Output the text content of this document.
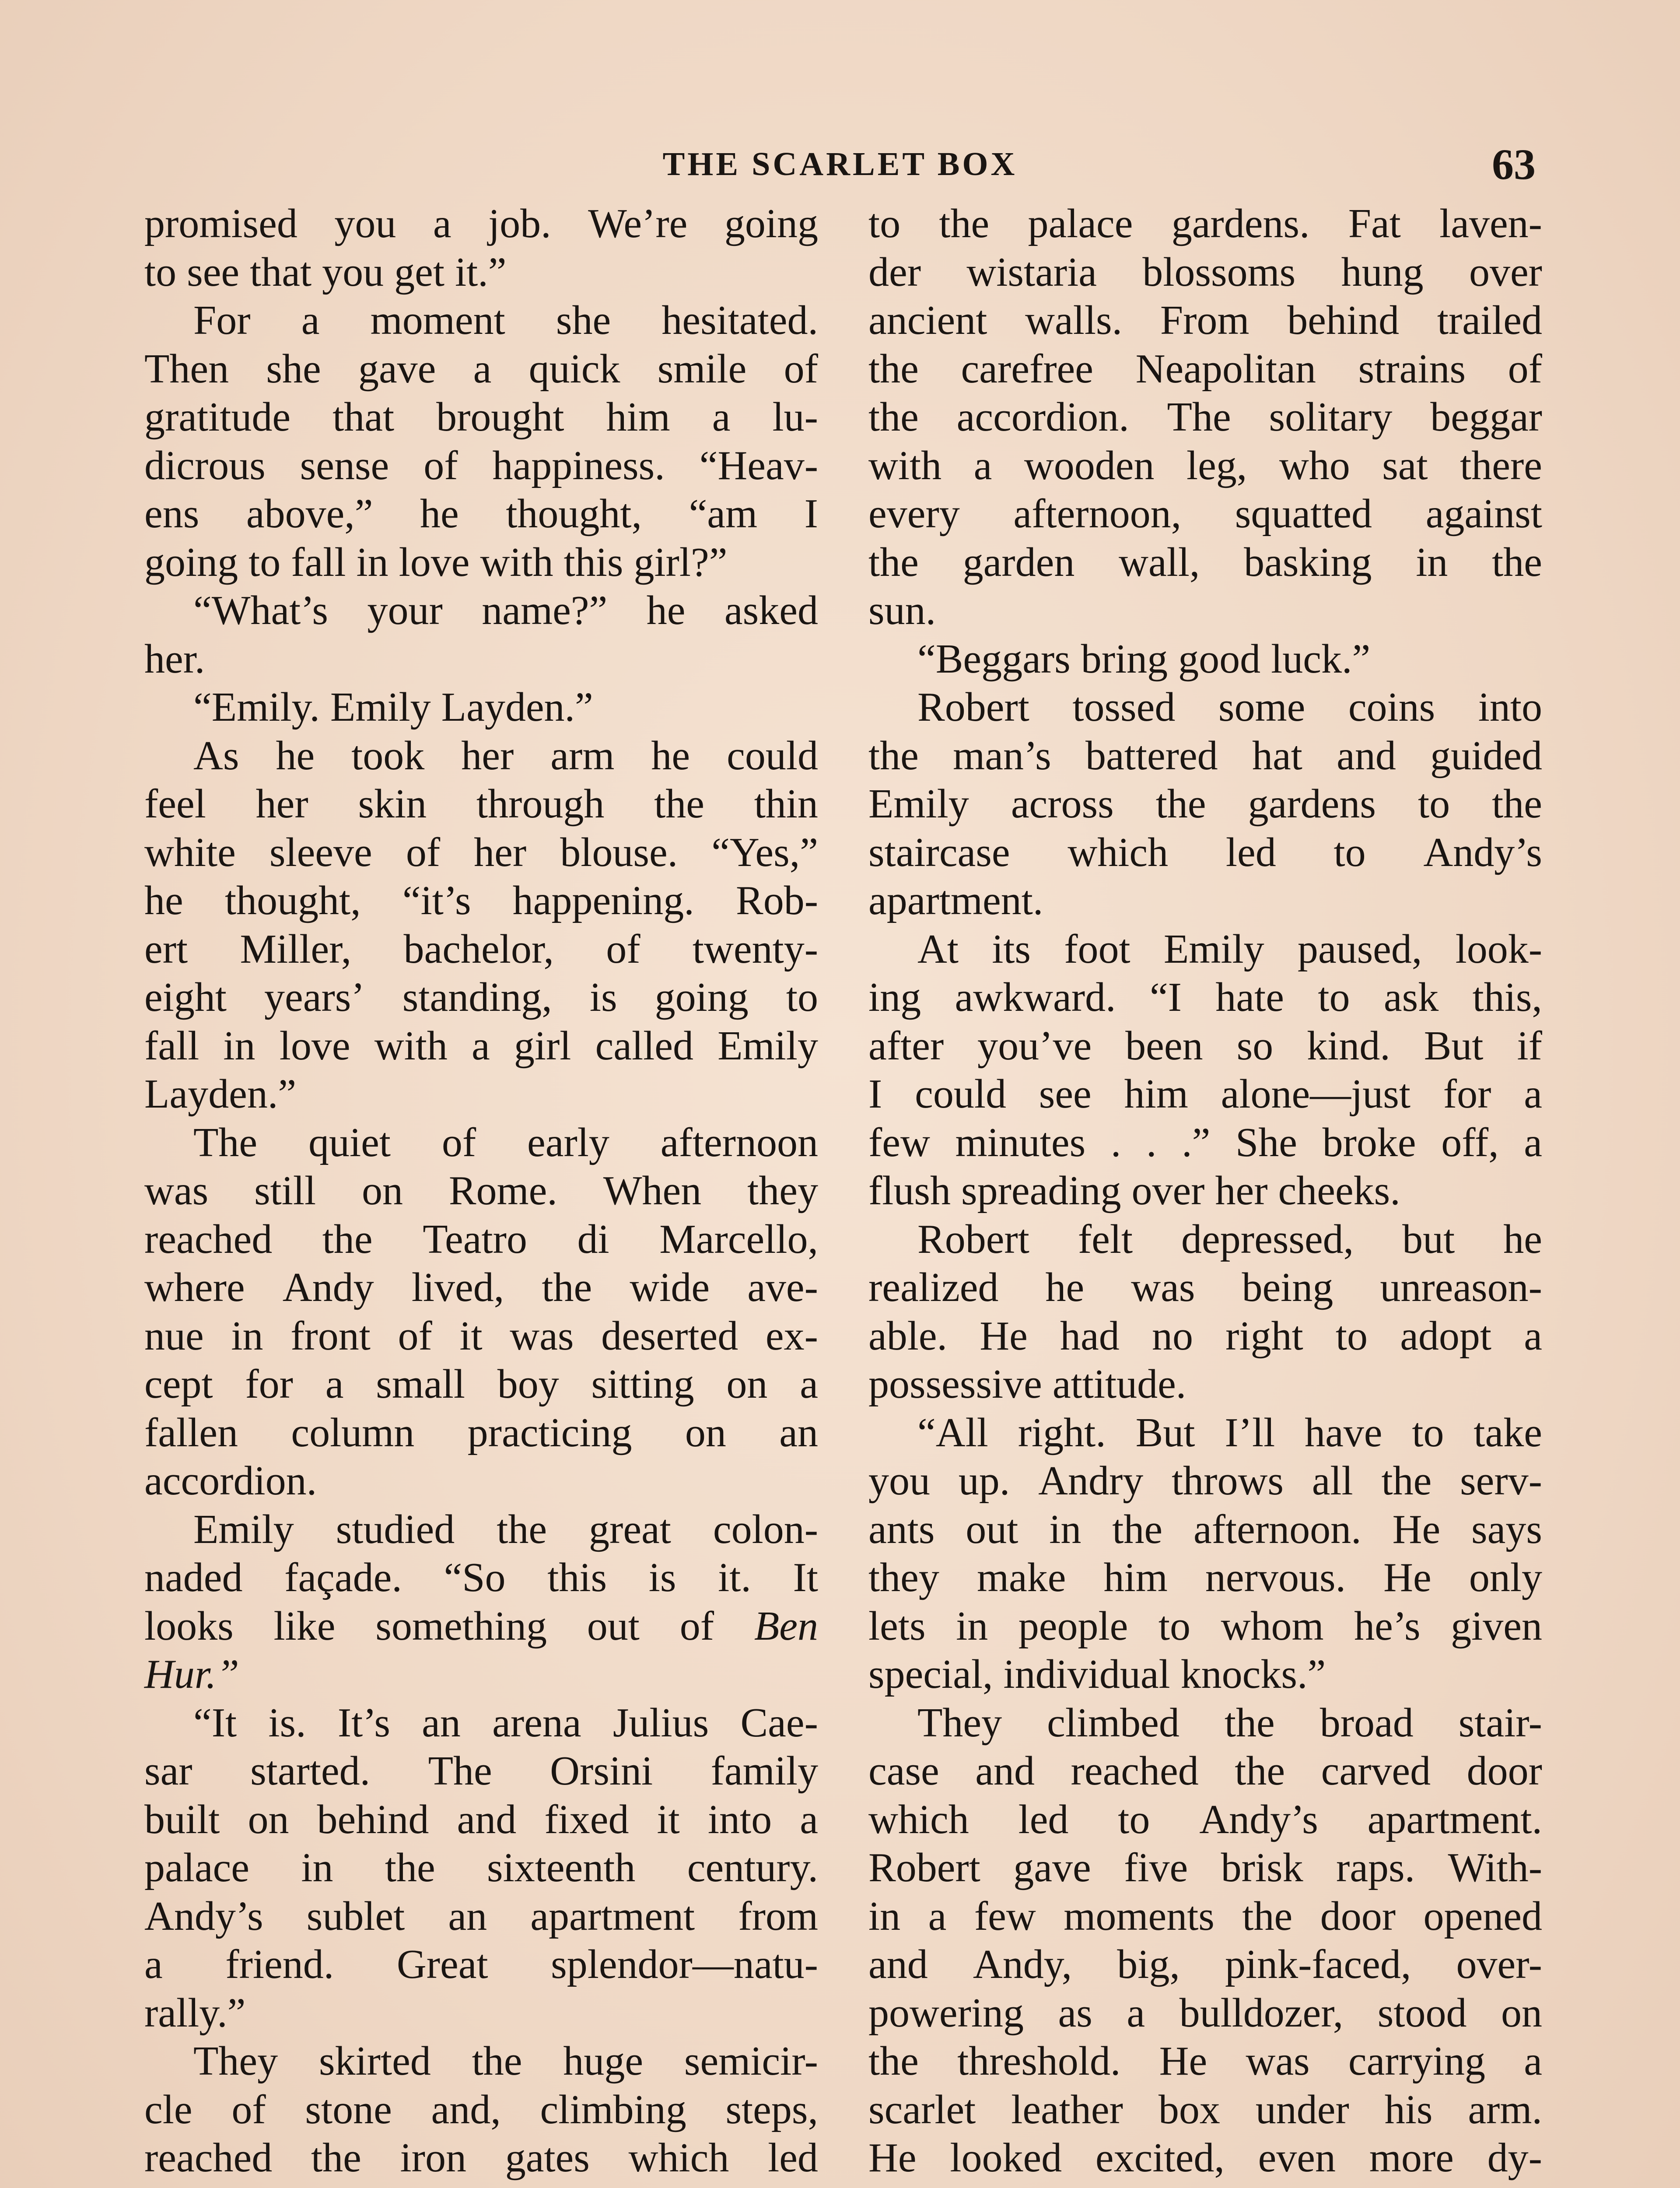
THE SCARLET BOX	63
promised you a job. We’re going
to see that you get it.”
For a moment she hesitated.
Then she gave a quick smile of
gratitude that brought him a lu-
dicrous sense of happiness. “Heav-
ens above,” he thought, “am I
going to fall in love with this girl?”
“What’s your name?” he asked
her.
“Emily. Emily Layden.”
As he took her arm he could
feel her skin through the thin
white sleeve of her blouse. “Yes,”
he thought, “it’s happening. Rob-
ert Miller, bachelor, of twenty-
eight years’ standing, is going to
fall in love with a girl called Emily
Layden.”
The quiet of early afternoon
was still on Rome. When they
reached the Teatro di Marcello,
where Andy lived, the wide ave-
nue in front of it was deserted ex-
cept for a small boy sitting on a
fallen column practicing on an
accordion.
Emily studied the great colon-
naded façade. “So this is it. It
looks like something out of Ben
Hur.”
“It is. It’s an arena Julius Cae-
sar started. The Orsini family
built on behind and fixed it into a
palace in the sixteenth century.
Andy’s sublet an apartment from
a friend. Great splendor—natu-
rally.”
They skirted the huge semicir-
cle of stone and, climbing steps,
reached the iron gates which led
to the palace gardens. Fat laven-
der wistaria blossoms hung over
ancient walls. From behind trailed
the carefree Neapolitan strains of
the accordion. The solitary beggar
with a wooden leg, who sat there
every afternoon, squatted against
the garden wall, basking in the
sun.
“Beggars bring good luck.”
Robert tossed some coins into
the man’s battered hat and guided
Emily across the gardens to the
staircase which led to Andy’s
apartment.
At its foot Emily paused, look-
ing awkward. “I hate to ask this,
after you’ve been so kind. But if
I could see him alone—just for a
few minutes . . .” She broke off, a
flush spreading over her cheeks.
Robert felt depressed, but he
realized he was being unreason-
able. He had no right to adopt a
possessive attitude.
“All right. But I’ll have to take
you up. Andry throws all the serv-
ants out in the afternoon. He says
they make him nervous. He only
lets in people to whom he’s given
special, individual knocks.”
They climbed the broad stair-
case and reached the carved door
which led to Andy’s apartment.
Robert gave five brisk raps. With-
in a few moments the door opened
and Andy, big, pink-faced, over-
powering as a bulldozer, stood on
the threshold. He was carrying a
scarlet leather box under his arm.
He looked excited, even more dy-
